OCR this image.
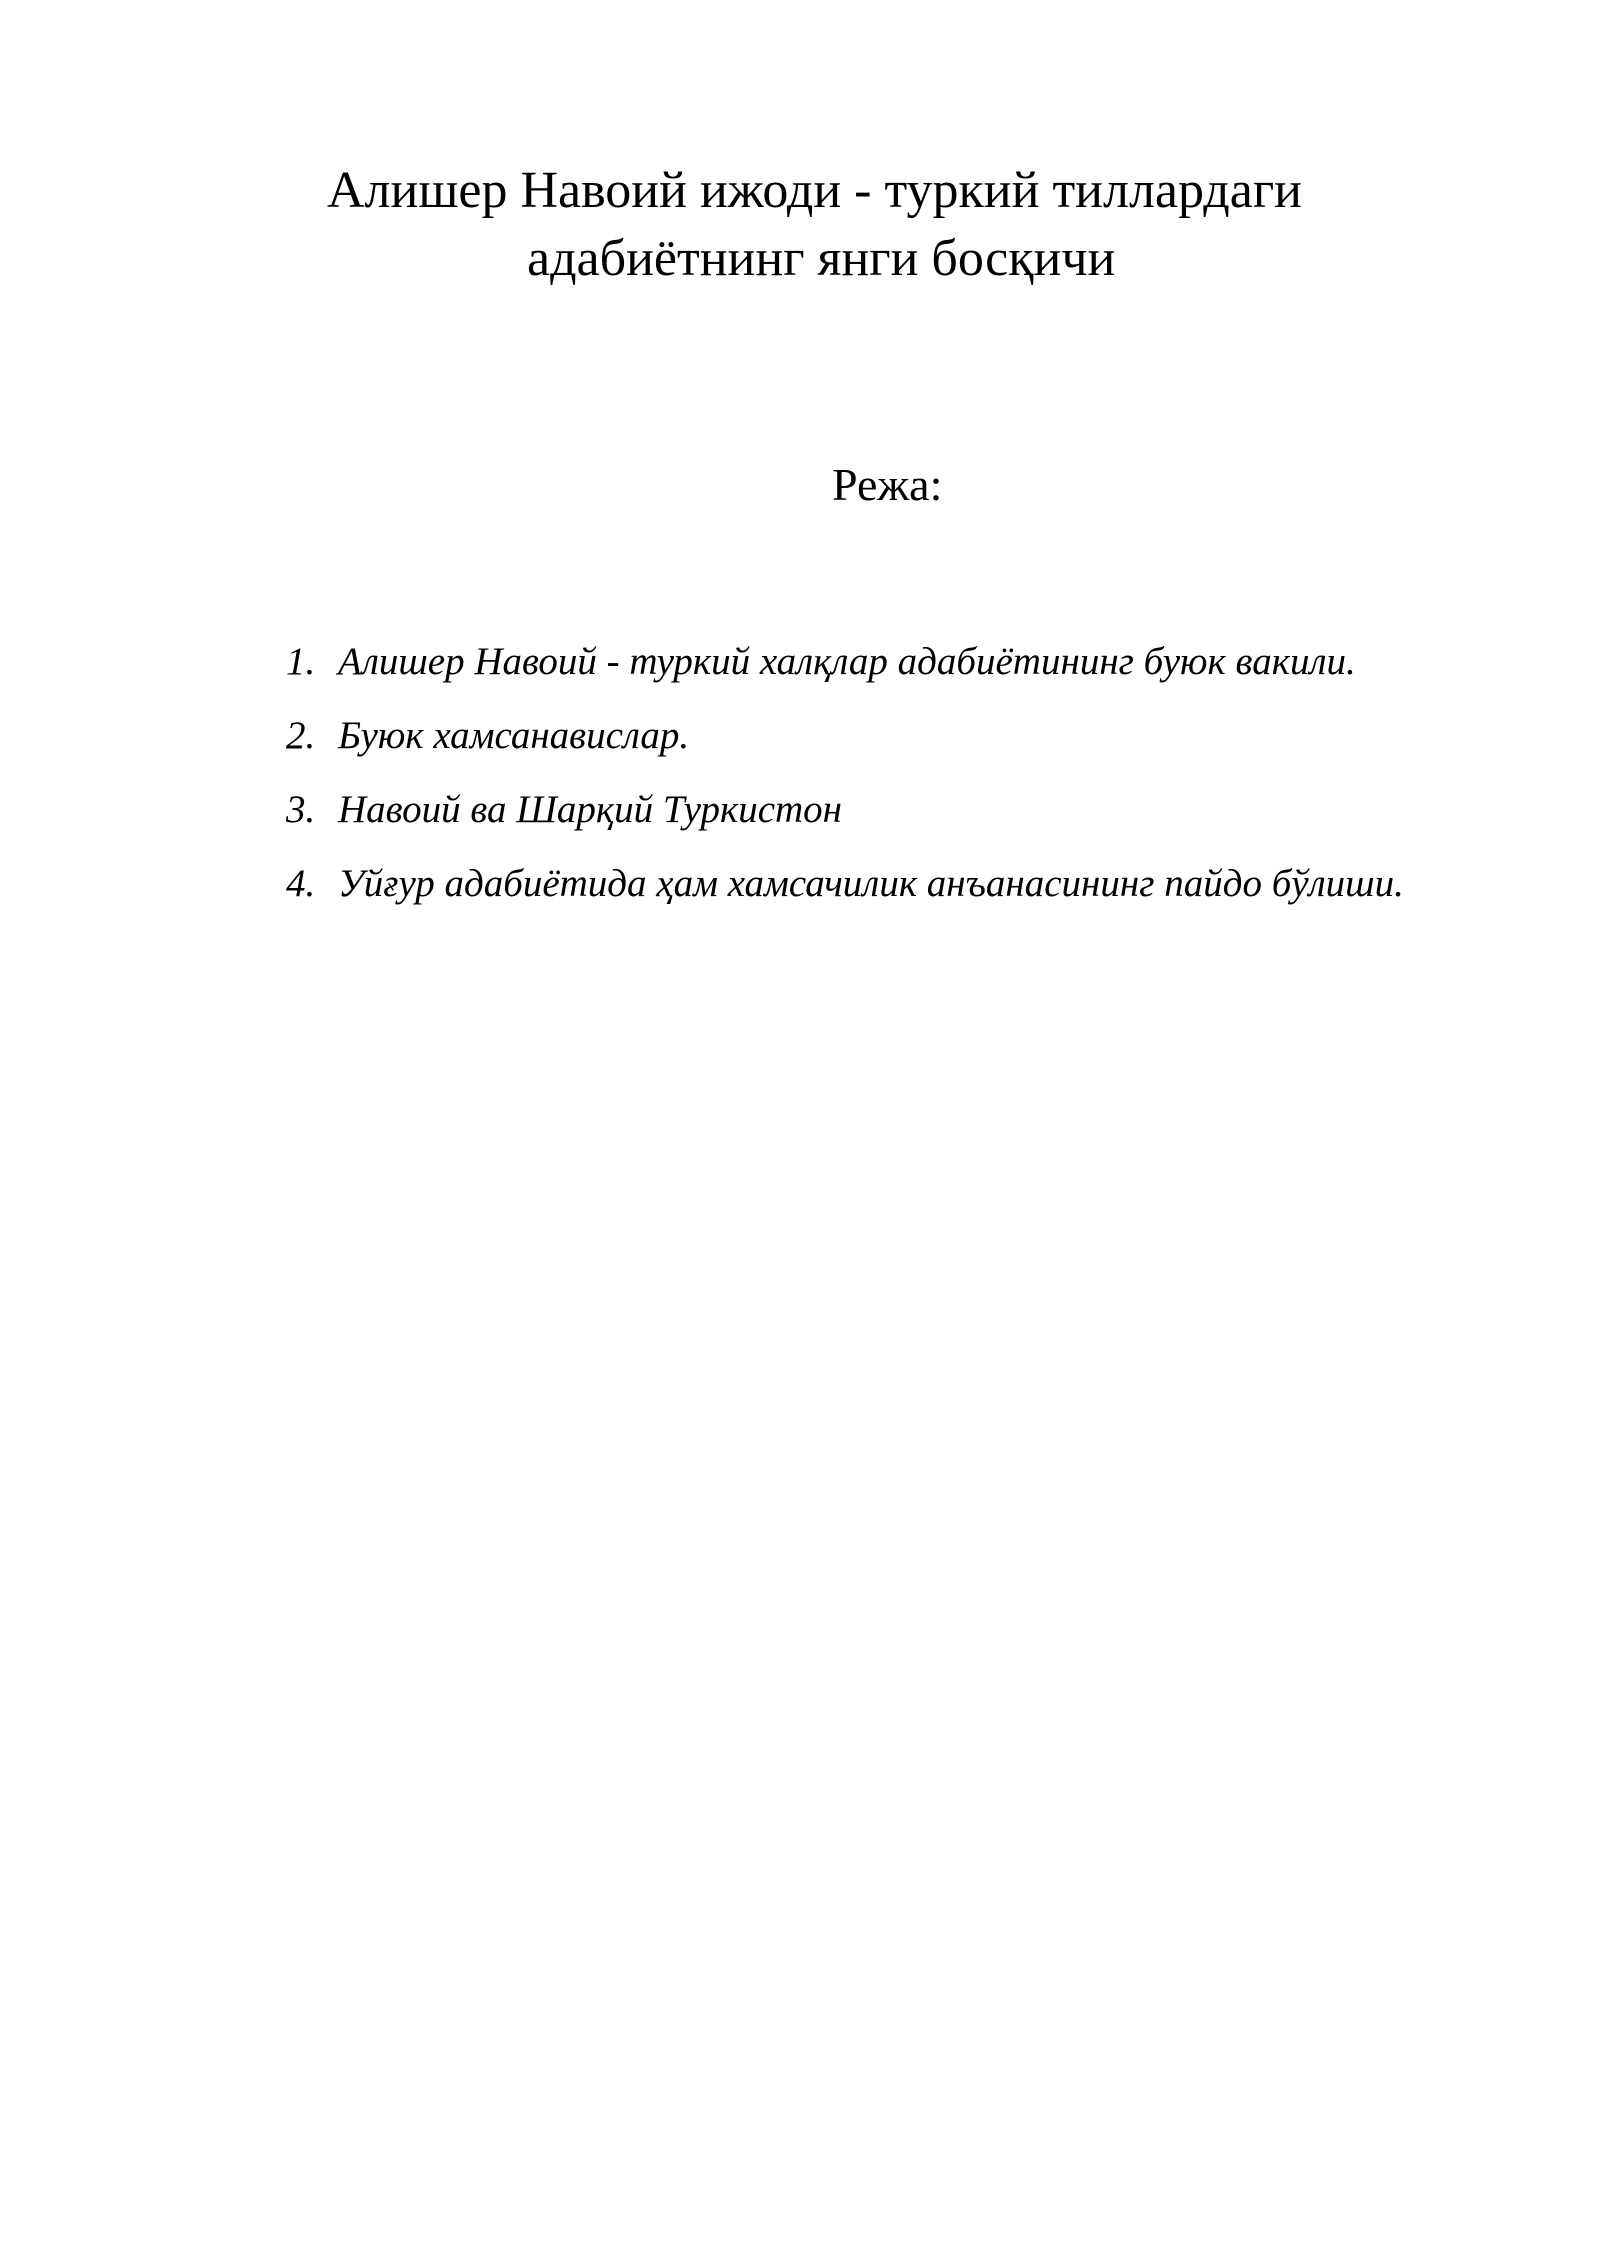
Алишер Навоий ижоди - туркий тиллардаги
адабиётнинг янги босқичи
Режа:
1. Алишер Навоий - туркий халқлар адабиётининг буюк вакили.
2. Буюк хамсанавислар.
3. Навоий ва Шарқий Туркистон
4. Уйғур адабиётида ҳам хамсачилик анъанасининг пайдо бўлиши.
